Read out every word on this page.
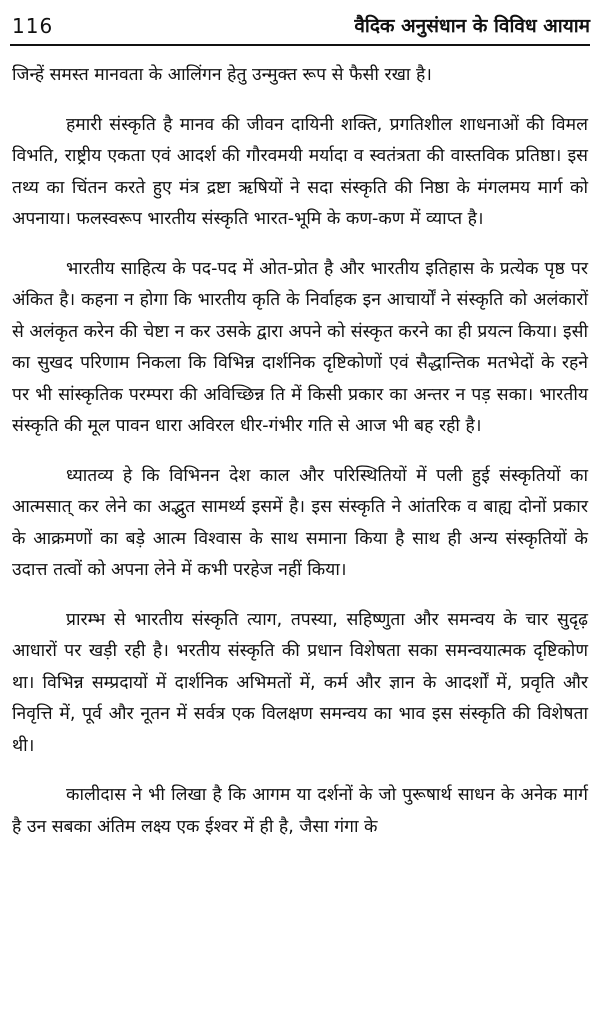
116	वैदिक अनुसंधान के विविध आयाम

जिन्हें समस्त मानवता के आलिंगन हेतु उन्मुक्त रूप से फैसी रखा है।

हमारी संस्कृति है मानव की जीवन दायिनी शक्ति, प्रगतिशील शाधनाओं की विमल विभति, राष्ट्रीय एकता एवं आदर्श की गौरवमयी मर्यादा व स्वतंत्रता की वास्तविक प्रतिष्ठा। इस तथ्य का चिंतन करते हुए मंत्र द्रष्टा ऋषियों ने सदा संस्कृति की निष्ठा के मंगलमय मार्ग को अपनाया। फलस्वरूप भारतीय संस्कृति भारत-भूमि के कण-कण में व्याप्त है।

भारतीय साहित्य के पद-पद में ओत-प्रोत है और भारतीय इतिहास के प्रत्येक पृष्ठ पर अंकित है। कहना न होगा कि भारतीय कृति के निर्वाहक इन आचार्यों ने संस्कृति को अलंकारों से अलंकृत करेन की चेष्टा न कर उसके द्वारा अपने को संस्कृत करने का ही प्रयत्न किया। इसी का सुखद परिणाम निकला कि विभिन्न दार्शनिक दृष्टिकोणों एवं सैद्धान्तिक मतभेदों के रहने पर भी सांस्कृतिक परम्परा की अविच्छिन्न ति में किसी प्रकार का अन्तर न पड़ सका। भारतीय संस्कृति की मूल पावन धारा अविरल धीर-गंभीर गति से आज भी बह रही है।

ध्यातव्य हे कि विभिनन देश काल और परिस्थितियों में पली हुई संस्कृतियों का आत्मसात् कर लेने का अद्भुत सामर्थ्य इसमें है। इस संस्कृति ने आंतरिक व बाह्य दोनों प्रकार के आक्रमणों का बड़े आत्म विश्वास के साथ समाना किया है साथ ही अन्य संस्कृतियों के उदात्त तत्वों को अपना लेने में कभी परहेज नहीं किया।

प्रारम्भ से भारतीय संस्कृति त्याग, तपस्या, सहिष्णुता और समन्वय के चार सुदृढ़ आधारों पर खड़ी रही है। भरतीय संस्कृति की प्रधान विशेषता सका समन्वयात्मक दृष्टिकोण था। विभिन्न सम्प्रदायों में दार्शनिक अभिमतों में, कर्म और ज्ञान के आदर्शों में, प्रवृति और निवृत्ति में, पूर्व और नूतन में सर्वत्र एक विलक्षण समन्वय का भाव इस संस्कृति की विशेषता थी।

कालीदास ने भी लिखा है कि आगम या दर्शनों के जो पुरूषार्थ साधन के अनेक मार्ग है उन सबका अंतिम लक्ष्य एक ईश्वर में ही है, जैसा गंगा के
